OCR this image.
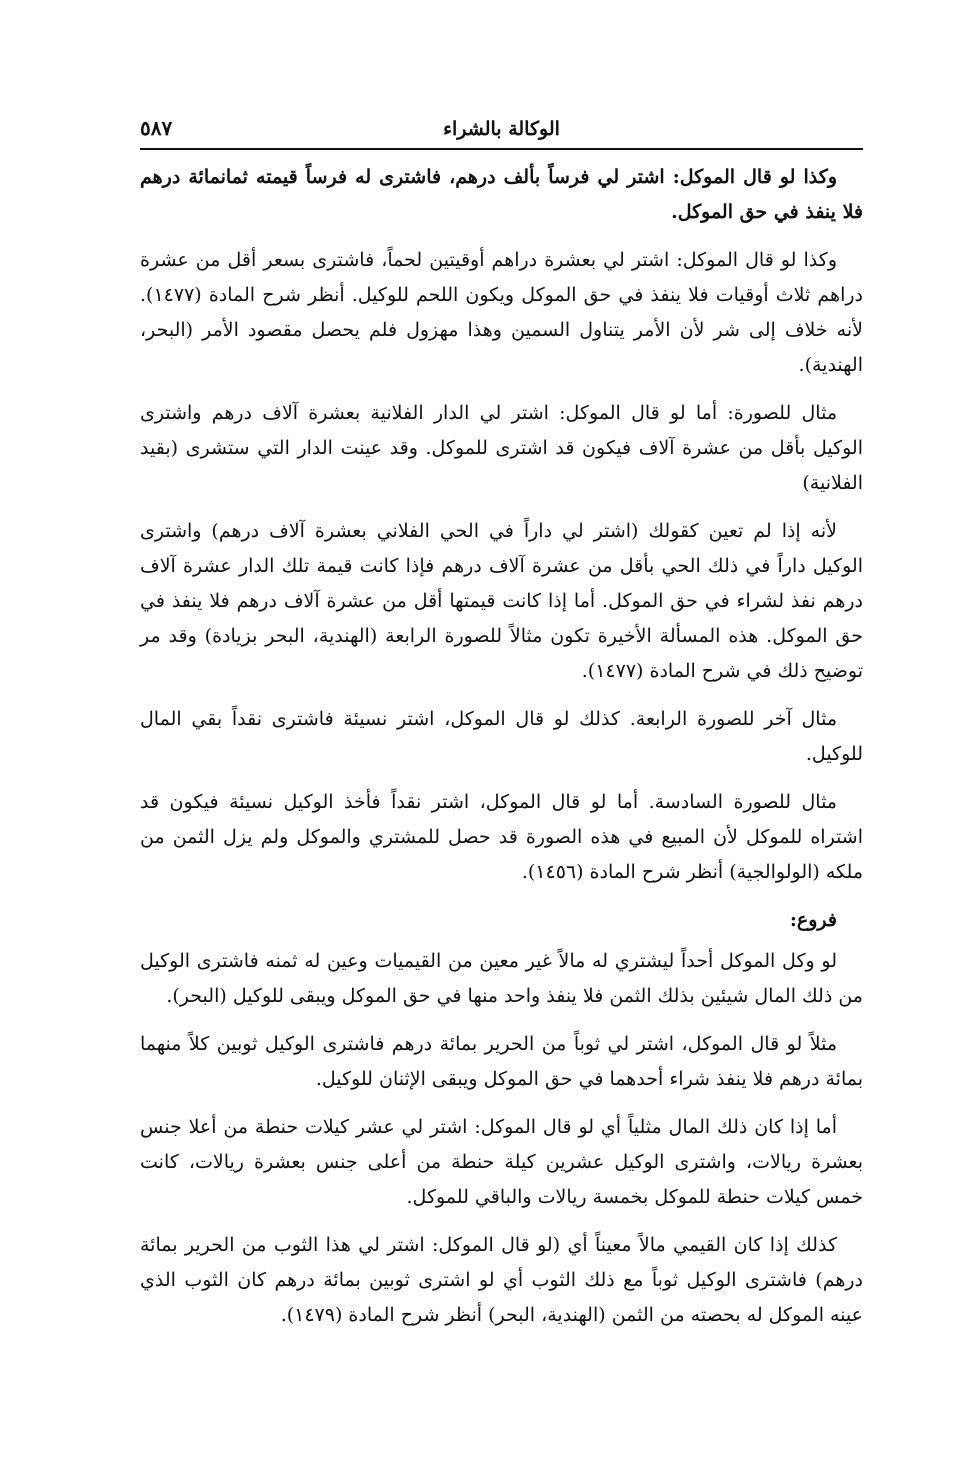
الوكالة بالشراء
٥٨٧

وكذا لو قال الموكل: اشتر لي فرساً بألف درهم، فاشترى له فرساً قيمته ثمانمائة درهم فلا ينفذ في حق الموكل.

وكذا لو قال الموكل: اشتر لي بعشرة دراهم أوقيتين لحماً، فاشترى بسعر أقل من عشرة دراهم ثلاث أوقيات فلا ينفذ في حق الموكل ويكون اللحم للوكيل. أنظر شرح المادة (١٤٧٧). لأنه خلاف إلى شر لأن الأمر يتناول السمين وهذا مهزول فلم يحصل مقصود الأمر (البحر، الهندية).

مثال للصورة: أما لو قال الموكل: اشتر لي الدار الفلانية بعشرة آلاف درهم واشترى الوكيل بأقل من عشرة آلاف فيكون قد اشترى للموكل. وقد عينت الدار التي ستشرى (بقيد الفلانية)

لأنه إذا لم تعين كقولك (اشتر لي داراً في الحي الفلاني بعشرة آلاف درهم) واشترى الوكيل داراً في ذلك الحي بأقل من عشرة آلاف درهم فإذا كانت قيمة تلك الدار عشرة آلاف درهم نفذ لشراء في حق الموكل. أما إذا كانت قيمتها أقل من عشرة آلاف درهم فلا ينفذ في حق الموكل. هذه المسألة الأخيرة تكون مثالاً للصورة الرابعة (الهندية، البحر بزيادة) وقد مر توضيح ذلك في شرح المادة (١٤٧٧).

مثال آخر للصورة الرابعة. كذلك لو قال الموكل، اشتر نسيئة فاشترى نقداً بقي المال للوكيل.

مثال للصورة السادسة. أما لو قال الموكل، اشتر نقداً فأخذ الوكيل نسيئة فيكون قد اشتراه للموكل لأن المبيع في هذه الصورة قد حصل للمشتري والموكل ولم يزل الثمن من ملكه (الولوالجية) أنظر شرح المادة (١٤٥٦).

فروع:

لو وكل الموكل أحداً ليشتري له مالاً غير معين من القيميات وعين له ثمنه فاشترى الوكيل من ذلك المال شيئين بذلك الثمن فلا ينفذ واحد منها في حق الموكل ويبقى للوكيل (البحر).

مثلاً لو قال الموكل، اشتر لي ثوباً من الحرير بمائة درهم فاشترى الوكيل ثوبين كلاً منهما بمائة درهم فلا ينفذ شراء أحدهما في حق الموكل ويبقى الإثنان للوكيل.

أما إذا كان ذلك المال مثلياً أي لو قال الموكل: اشتر لي عشر كيلات حنطة من أعلا جنس بعشرة ريالات، واشترى الوكيل عشرين كيلة حنطة من أعلى جنس بعشرة ريالات، كانت خمس كيلات حنطة للموكل بخمسة ريالات والباقي للموكل.

كذلك إذا كان القيمي مالاً معيناً أي (لو قال الموكل: اشتر لي هذا الثوب من الحرير بمائة درهم) فاشترى الوكيل ثوباً مع ذلك الثوب أي لو اشترى ثوبين بمائة درهم كان الثوب الذي عينه الموكل له بحصته من الثمن (الهندية، البحر) أنظر شرح المادة (١٤٧٩).
